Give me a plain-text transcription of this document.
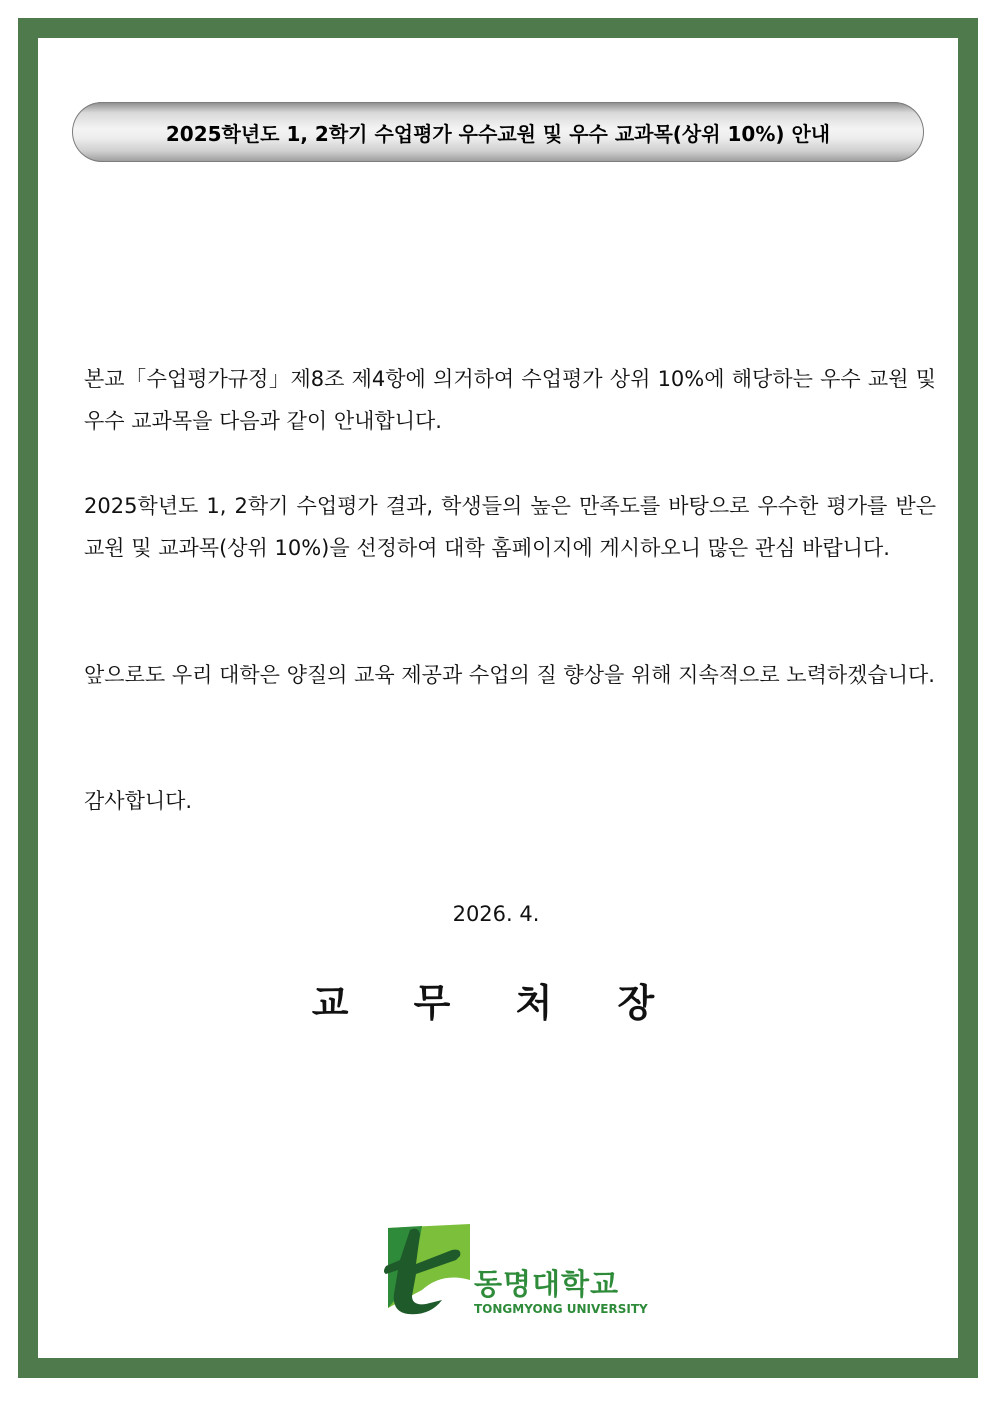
2025학년도 1, 2학기 수업평가 우수교원 및 우수 교과목(상위 10%) 안내

본교「수업평가규정」제8조 제4항에 의거하여 수업평가 상위 10%에 해당하는 우수 교원 및 우수 교과목을 다음과 같이 안내합니다.

2025학년도 1, 2학기 수업평가 결과, 학생들의 높은 만족도를 바탕으로 우수한 평가를 받은 교원 및 교과목(상위 10%)을 선정하여 대학 홈페이지에 게시하오니 많은 관심 바랍니다.

앞으로도 우리 대학은 양질의 교육 제공과 수업의 질 향상을 위해 지속적으로 노력하겠습니다.

감사합니다.

2026. 4.
교 무 처 장
동명대학교
TONGMYONG UNIVERSITY
